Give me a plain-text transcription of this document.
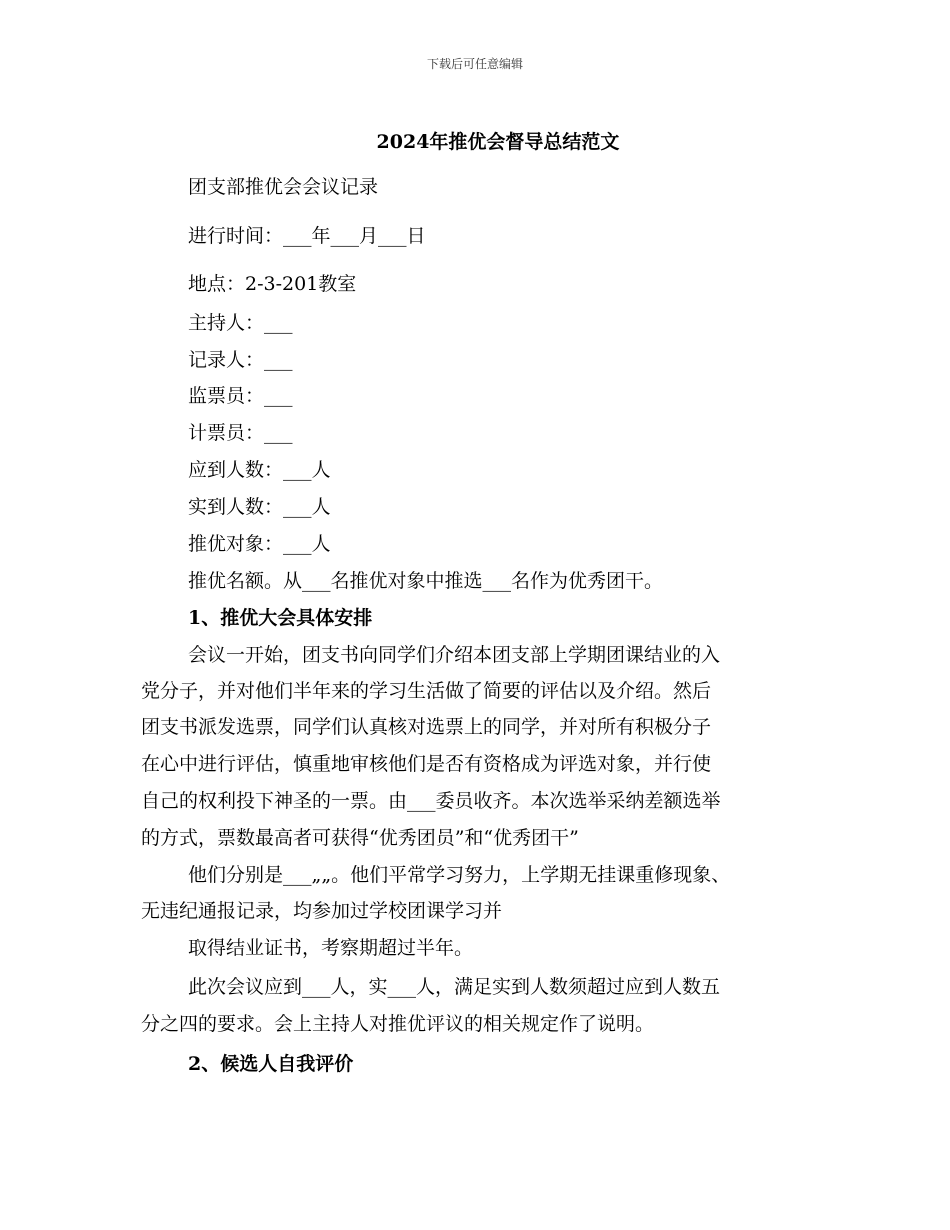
下载后可任意编辑
2024年推优会督导总结范文
团支部推优会会议记录
进行时间：___年___月___日
地点：2-3-201教室
主持人：___
记录人：___
监票员：___
计票员：___
应到人数：___人
实到人数：___人
推优对象：___人
推优名额。从___名推优对象中推选___名作为优秀团干。
1、推优大会具体安排
会议一开始，团支书向同学们介绍本团支部上学期团课结业的入
党分子，并对他们半年来的学习生活做了简要的评估以及介绍。然后
团支书派发选票，同学们认真核对选票上的同学，并对所有积极分子
在心中进行评估，慎重地审核他们是否有资格成为评选对象，并行使
自己的权利投下神圣的一票。由___委员收齐。本次选举采纳差额选举
的方式，票数最高者可获得“优秀团员”和“优秀团干”
他们分别是___„„。他们平常学习努力，上学期无挂课重修现象、
无违纪通报记录，均参加过学校团课学习并
取得结业证书，考察期超过半年。
此次会议应到___人，实___人，满足实到人数须超过应到人数五
分之四的要求。会上主持人对推优评议的相关规定作了说明。
2、候选人自我评价
